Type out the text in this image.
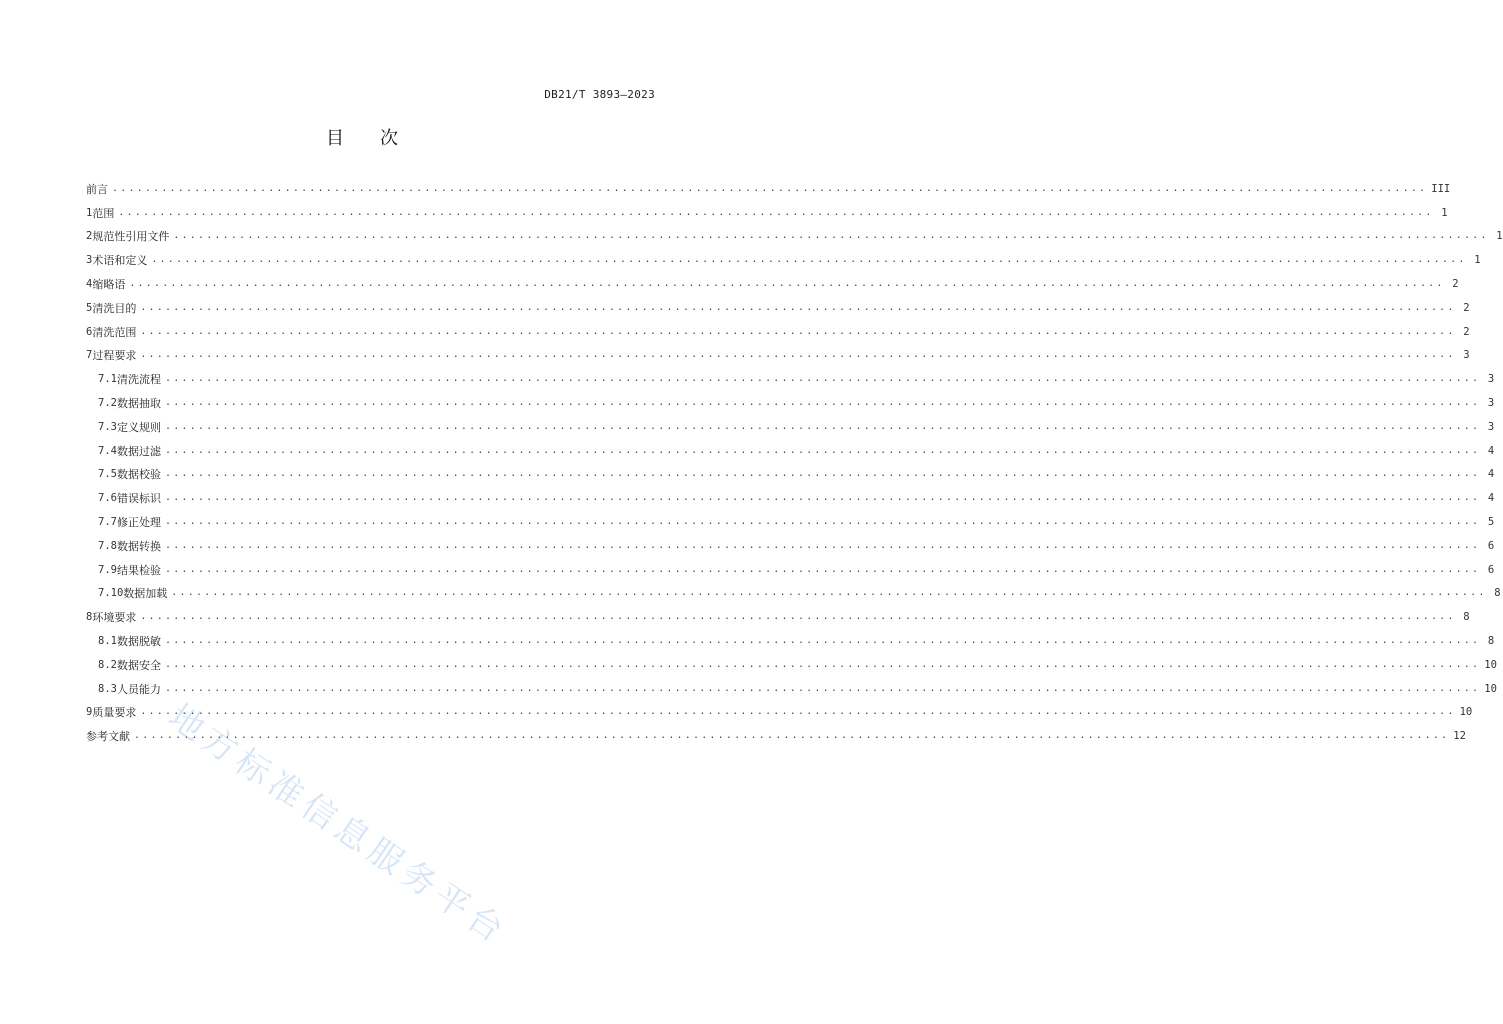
DB21/T 3893—2023
目 次
前言 ................................................................................................................................................................ III
1 范围 ................................................................................................................................................................ 1
2 规范性引用文件 ................................................................................................................................................................ 1
3 术语和定义 ................................................................................................................................................................ 1
4 缩略语 ................................................................................................................................................................ 2
5 清洗目的 ................................................................................................................................................................ 2
6 清洗范围 ................................................................................................................................................................ 2
7 过程要求 ................................................................................................................................................................ 3
7.1 清洗流程 ................................................................................................................................................................ 3
7.2 数据抽取 ................................................................................................................................................................ 3
7.3 定义规则 ................................................................................................................................................................ 3
7.4 数据过滤 ................................................................................................................................................................ 4
7.5 数据校验 ................................................................................................................................................................ 4
7.6 错误标识 ................................................................................................................................................................ 4
7.7 修正处理 ................................................................................................................................................................ 5
7.8 数据转换 ................................................................................................................................................................ 6
7.9 结果检验 ................................................................................................................................................................ 6
7.10 数据加载 ................................................................................................................................................................ 8
8 环境要求 ................................................................................................................................................................ 8
8.1 数据脱敏 ................................................................................................................................................................ 8
8.2 数据安全 ................................................................................................................................................................ 10
8.3 人员能力 ................................................................................................................................................................ 10
9 质量要求 ................................................................................................................................................................ 10
参考文献 ................................................................................................................................................................ 12
地方标准信息服务平台
